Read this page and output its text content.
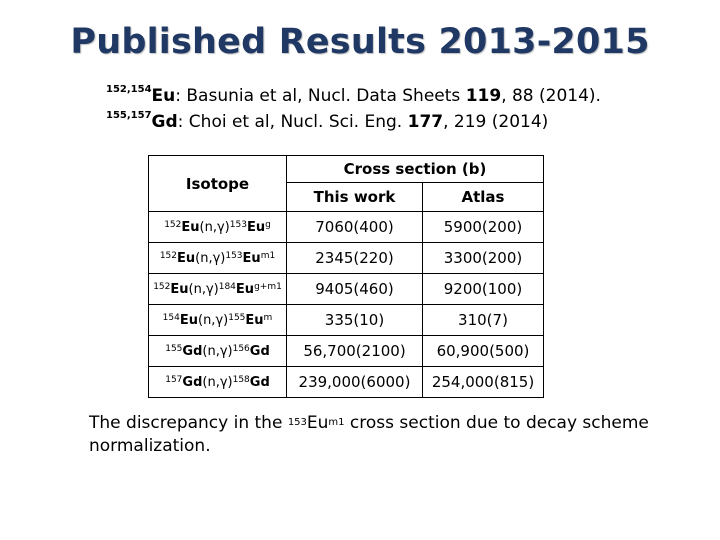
Published Results 2013-2015
$^{152,154}$Eu: Basunia et al, Nucl. Data Sheets 119, 88 (2014).
$^{155,157}$Gd: Choi et al, Nucl. Sci. Eng. 177, 219 (2014)
Isotope	Cross section (b)	
	This work	Atlas
$^{152}Eu(n,\gamma)^{153}Eu^g$	7060(400)	5900(200)
$^{152}Eu(n,\gamma)^{153}Eu^{m1}$	2345(220)	3300(200)
$^{152}Eu(n,\gamma)^{184}Eu^{g+m1}$	9405(460)	9200(100)
$^{154}Eu(n,\gamma)^{155}Eu^m$	335(10)	310(7)
$^{155}Gd(n,\gamma)^{156}Gd$	56,700(2100)	60,900(500)
$^{157}Gd(n,\gamma)^{158}Gd$	239,000(6000)	254,000(815)
The discrepancy in the $^{153}Eu^{m1}$ cross section due to decay scheme normalization.
